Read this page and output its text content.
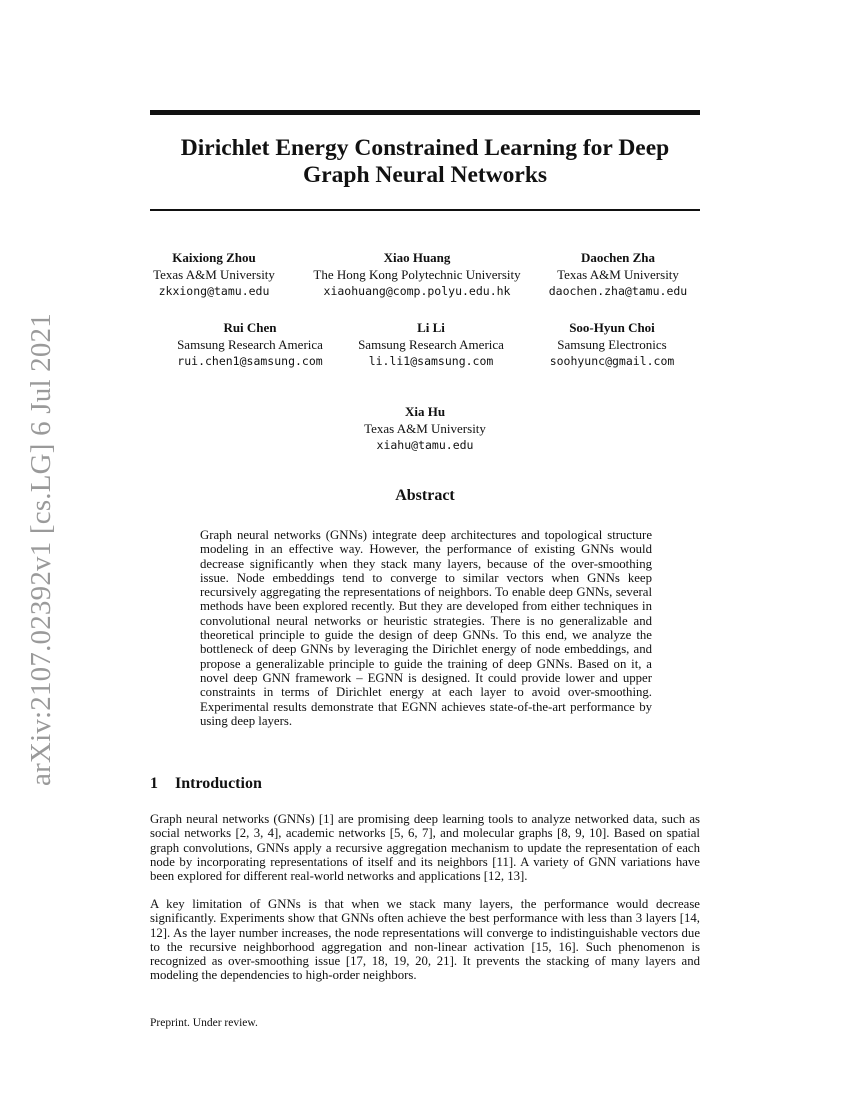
arXiv:2107.02392v1 [cs.LG] 6 Jul 2021
Dirichlet Energy Constrained Learning for Deep Graph Neural Networks
Kaixiong Zhou
Texas A&M University
zkxiong@tamu.edu
Xiao Huang
The Hong Kong Polytechnic University
xiaohuang@comp.polyu.edu.hk
Daochen Zha
Texas A&M University
daochen.zha@tamu.edu
Rui Chen
Samsung Research America
rui.chen1@samsung.com
Li Li
Samsung Research America
li.li1@samsung.com
Soo-Hyun Choi
Samsung Electronics
soohyunc@gmail.com
Xia Hu
Texas A&M University
xiahu@tamu.edu
Abstract

Graph neural networks (GNNs) integrate deep architectures and topological structure modeling in an effective way. However, the performance of existing GNNs would decrease significantly when they stack many layers, because of the over-smoothing issue. Node embeddings tend to converge to similar vectors when GNNs keep recursively aggregating the representations of neighbors. To enable deep GNNs, several methods have been explored recently. But they are developed from either techniques in convolutional neural networks or heuristic strategies. There is no generalizable and theoretical principle to guide the design of deep GNNs. To this end, we analyze the bottleneck of deep GNNs by leveraging the Dirichlet energy of node embeddings, and propose a generalizable principle to guide the training of deep GNNs. Based on it, a novel deep GNN framework – EGNN is designed. It could provide lower and upper constraints in terms of Dirichlet energy at each layer to avoid over-smoothing. Experimental results demonstrate that EGNN achieves state-of-the-art performance by using deep layers.

1 Introduction

Graph neural networks (GNNs) [1] are promising deep learning tools to analyze networked data, such as social networks [2, 3, 4], academic networks [5, 6, 7], and molecular graphs [8, 9, 10]. Based on spatial graph convolutions, GNNs apply a recursive aggregation mechanism to update the representation of each node by incorporating representations of itself and its neighbors [11]. A variety of GNN variations have been explored for different real-world networks and applications [12, 13].

A key limitation of GNNs is that when we stack many layers, the performance would decrease significantly. Experiments show that GNNs often achieve the best performance with less than 3 layers [14, 12]. As the layer number increases, the node representations will converge to indistinguishable vectors due to the recursive neighborhood aggregation and non-linear activation [15, 16]. Such phenomenon is recognized as over-smoothing issue [17, 18, 19, 20, 21]. It prevents the stacking of many layers and modeling the dependencies to high-order neighbors.

Preprint. Under review.
